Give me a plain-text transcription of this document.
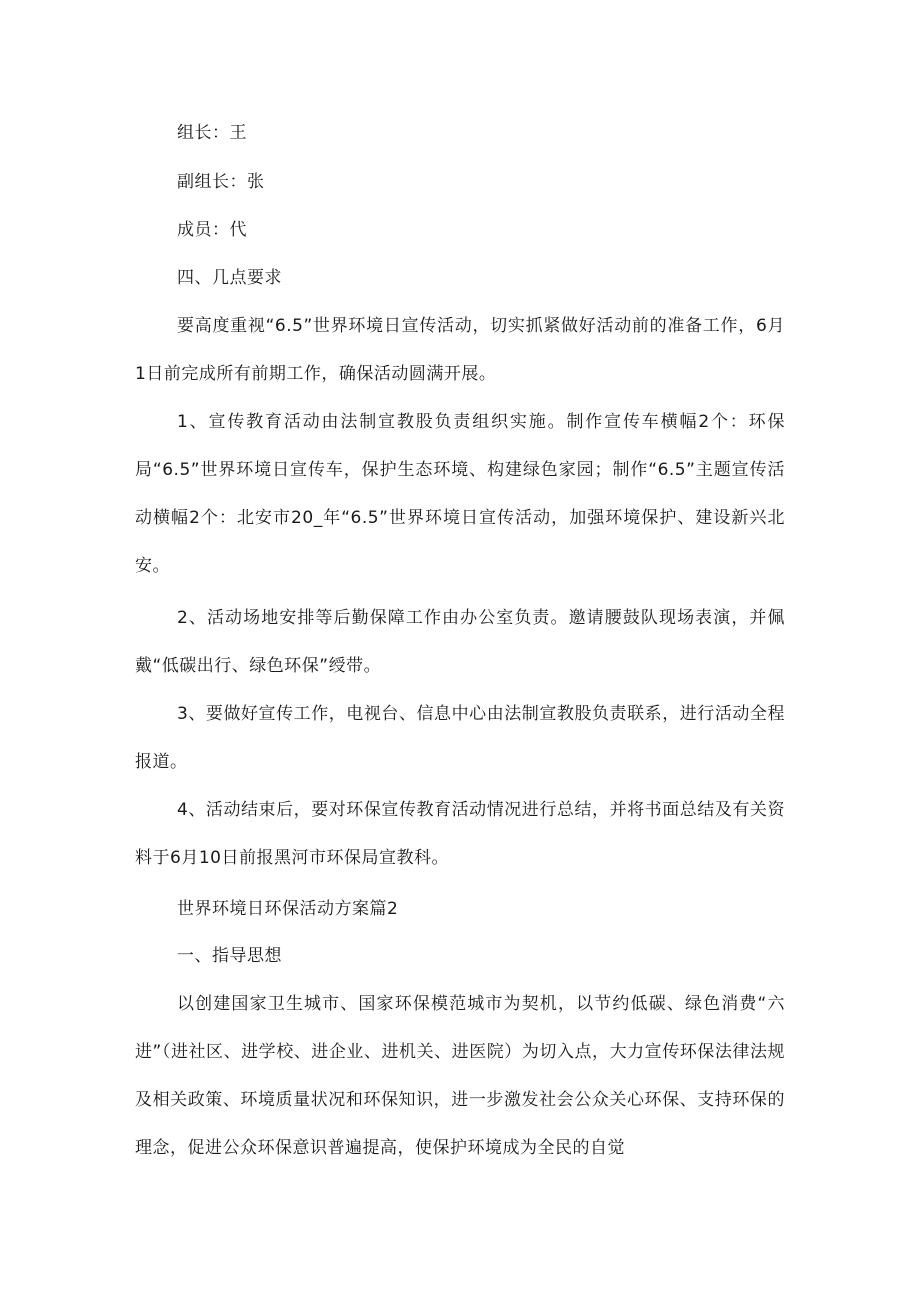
组长：王

副组长：张

成员：代

四、几点要求

要高度重视“6.5”世界环境日宣传活动，切实抓紧做好活动前的准备工作，6月1日前完成所有前期工作，确保活动圆满开展。

1、宣传教育活动由法制宣教股负责组织实施。制作宣传车横幅2个：环保局“6.5”世界环境日宣传车，保护生态环境、构建绿色家园；制作“6.5”主题宣传活动横幅2个：北安市20_年“6.5”世界环境日宣传活动，加强环境保护、建设新兴北安。

2、活动场地安排等后勤保障工作由办公室负责。邀请腰鼓队现场表演，并佩戴“低碳出行、绿色环保”绶带。

3、要做好宣传工作，电视台、信息中心由法制宣教股负责联系，进行活动全程报道。

4、活动结束后，要对环保宣传教育活动情况进行总结，并将书面总结及有关资料于6月10日前报黑河市环保局宣教科。

世界环境日环保活动方案篇2

一、指导思想

以创建国家卫生城市、国家环保模范城市为契机，以节约低碳、绿色消费“六进”（进社区、进学校、进企业、进机关、进医院）为切入点，大力宣传环保法律法规及相关政策、环境质量状况和环保知识，进一步激发社会公众关心环保、支持环保的理念，促进公众环保意识普遍提高，使保护环境成为全民的自觉
